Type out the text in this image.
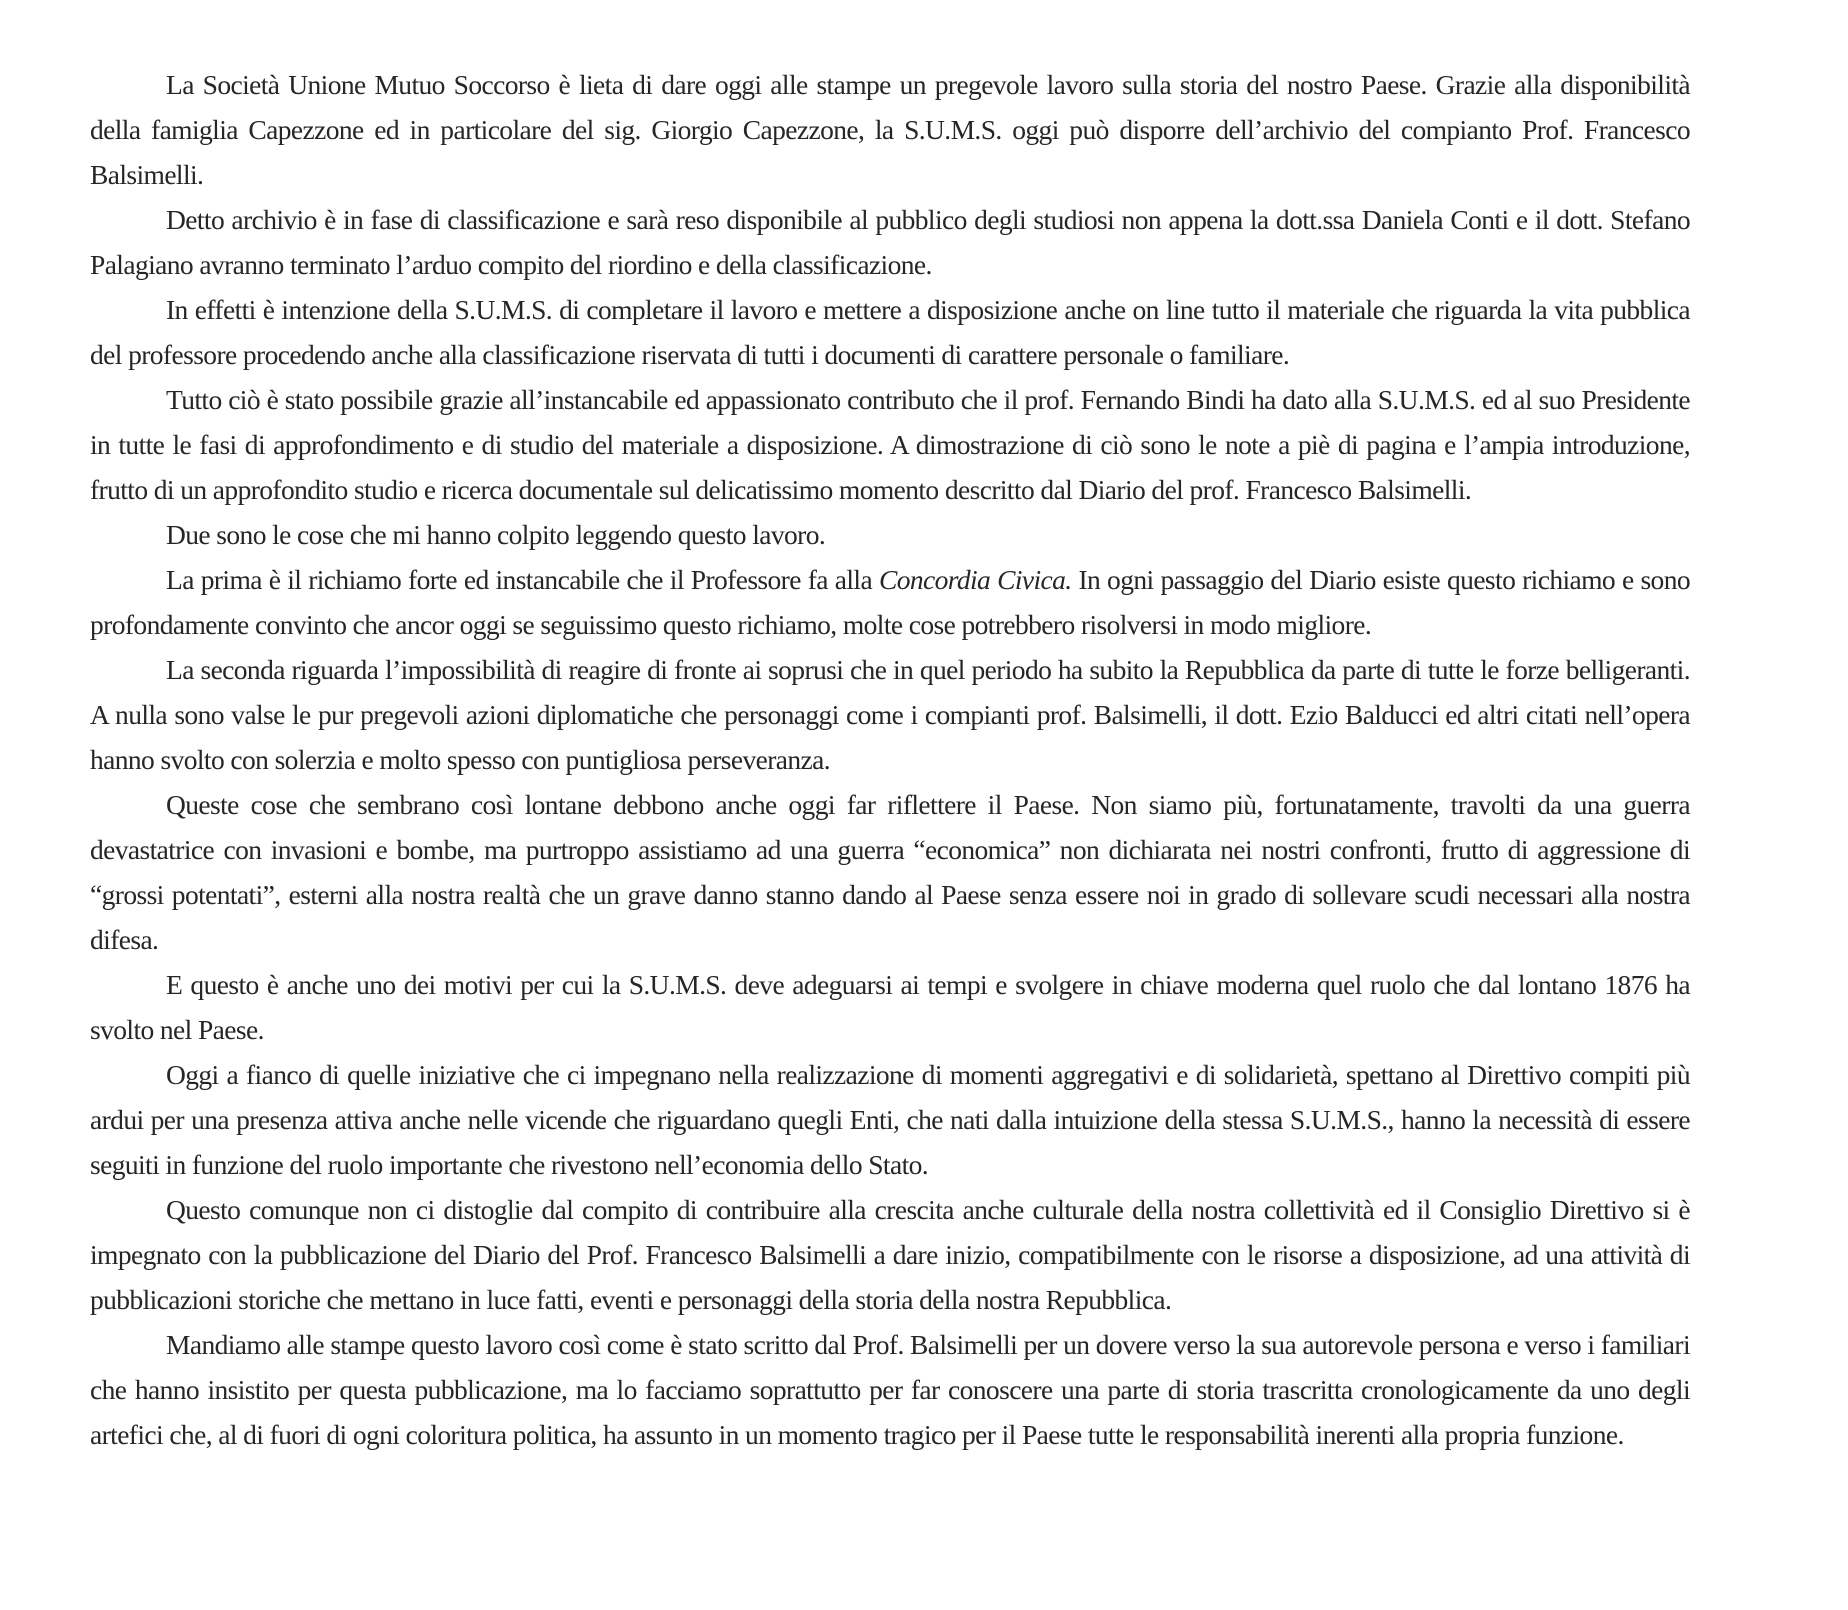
La Società Unione Mutuo Soccorso è lieta di dare oggi alle stampe un pregevole lavoro sulla storia del nostro Paese. Grazie alla disponibilità della famiglia Capezzone ed in particolare del sig. Giorgio Capezzone, la S.U.M.S. oggi può disporre dell’archivio del compianto Prof. Francesco Balsimelli.

Detto archivio è in fase di classificazione e sarà reso disponibile al pubblico degli studiosi non appena la dott.ssa Daniela Conti e il dott. Stefano Palagiano avranno terminato l’arduo compito del riordino e della classificazione.

In effetti è intenzione della S.U.M.S. di completare il lavoro e mettere a disposizione anche on line tutto il materiale che riguarda la vita pubblica del professore procedendo anche alla classificazione riservata di tutti i documenti di carattere personale o familiare.

Tutto ciò è stato possibile grazie all’instancabile ed appassionato contributo che il prof. Fernando Bindi ha dato alla S.U.M.S. ed al suo Presidente in tutte le fasi di approfondimento e di studio del materiale a disposizione. A dimostrazione di ciò sono le note a piè di pagina e l’ampia introduzione, frutto di un approfondito studio e ricerca documentale sul delicatissimo momento descritto dal Diario del prof. Francesco Balsimelli.

Due sono le cose che mi hanno colpito leggendo questo lavoro.

La prima è il richiamo forte ed instancabile che il Professore fa alla Concordia Civica. In ogni passaggio del Diario esiste questo richiamo e sono profondamente convinto che ancor oggi se seguissimo questo richiamo, molte cose potrebbero risolversi in modo migliore.

La seconda riguarda l’impossibilità di reagire di fronte ai soprusi che in quel periodo ha subito la Repubblica da parte di tutte le forze belligeranti. A nulla sono valse le pur pregevoli azioni diplomatiche che personaggi come i compianti prof. Balsimelli, il dott. Ezio Balducci ed altri citati nell’opera hanno svolto con solerzia e molto spesso con puntigliosa perseveranza.

Queste cose che sembrano così lontane debbono anche oggi far riflettere il Paese. Non siamo più, fortunatamente, travolti da una guerra devastatrice con invasioni e bombe, ma purtroppo assistiamo ad una guerra “economica” non dichiarata nei nostri confronti, frutto di aggressione di “grossi potentati”, esterni alla nostra realtà che un grave danno stanno dando al Paese senza essere noi in grado di sollevare scudi necessari alla nostra difesa.

E questo è anche uno dei motivi per cui la S.U.M.S. deve adeguarsi ai tempi e svolgere in chiave moderna quel ruolo che dal lontano 1876 ha svolto nel Paese.

Oggi a fianco di quelle iniziative che ci impegnano nella realizzazione di momenti aggregativi e di solidarietà, spettano al Direttivo compiti più ardui per una presenza attiva anche nelle vicende che riguardano quegli Enti, che nati dalla intuizione della stessa S.U.M.S., hanno la necessità di essere seguiti in funzione del ruolo importante che rivestono nell’economia dello Stato.

Questo comunque non ci distoglie dal compito di contribuire alla crescita anche culturale della nostra collettività ed il Consiglio Direttivo si è impegnato con la pubblicazione del Diario del Prof. Francesco Balsimelli a dare inizio, compatibilmente con le risorse a disposizione, ad una attività di pubblicazioni storiche che mettano in luce fatti, eventi e personaggi della storia della nostra Repubblica.

Mandiamo alle stampe questo lavoro così come è stato scritto dal Prof. Balsimelli per un dovere verso la sua autorevole persona e verso i familiari che hanno insistito per questa pubblicazione, ma lo facciamo soprattutto per far conoscere una parte di storia trascritta cronologicamente da uno degli artefici che, al di fuori di ogni coloritura politica, ha assunto in un momento tragico per il Paese tutte le responsabilità inerenti alla propria funzione.
